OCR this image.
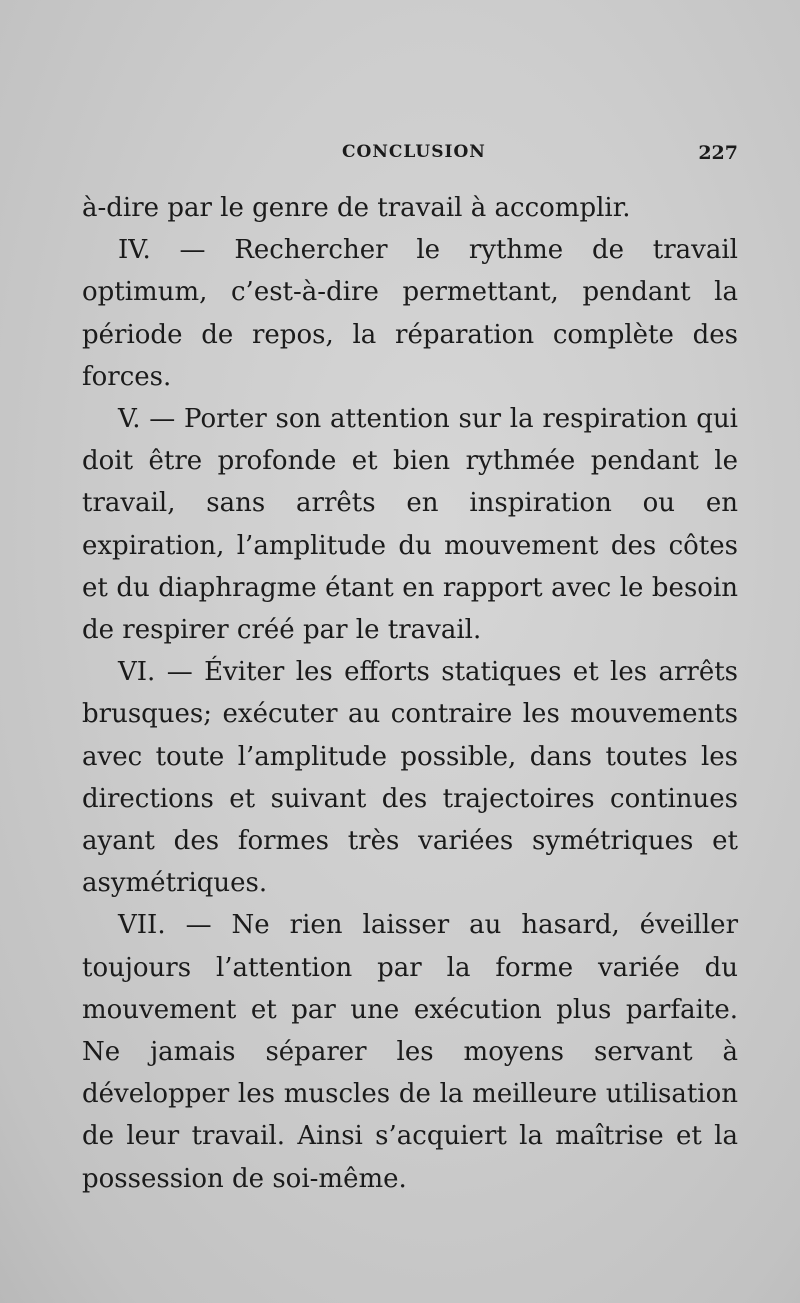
CONCLUSION	227

à-dire par le genre de travail à accomplir.

IV. — Rechercher le rythme de travail optimum, c’est-à-dire permettant, pendant la période de repos, la réparation complète des forces.

V. — Porter son attention sur la respiration qui doit être profonde et bien rythmée pendant le travail, sans arrêts en inspiration ou en expiration, l’amplitude du mouvement des côtes et du diaphragme étant en rapport avec le besoin de respirer créé par le travail.

VI. — Éviter les efforts statiques et les arrêts brusques; exécuter au contraire les mouvements avec toute l’amplitude possible, dans toutes les directions et suivant des trajectoires continues ayant des formes très variées symétriques et asymétriques.

VII. — Ne rien laisser au hasard, éveiller toujours l’attention par la forme variée du mouvement et par une exécution plus parfaite. Ne jamais séparer les moyens servant à développer les muscles de la meilleure utilisation de leur travail. Ainsi s’acquiert la maîtrise et la possession de soi-même.
